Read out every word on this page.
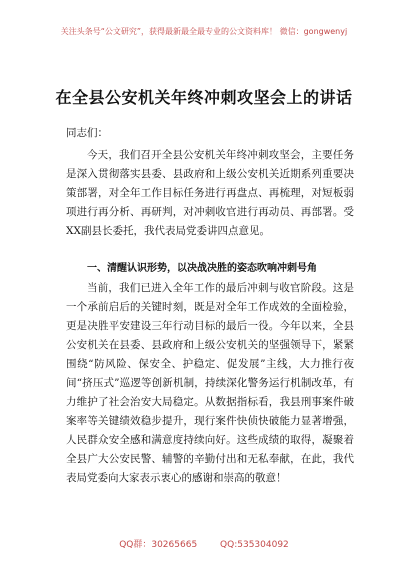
关注头条号“公文研究”，获得最新最全最专业的公文资料库！ 微信：gongwenyj
在全县公安机关年终冲刺攻坚会上的讲话
同志们：
今天，我们召开全县公安机关年终冲刺攻坚会，主要任务是深入贯彻落实县委、县政府和上级公安机关近期系列重要决策部署，对全年工作目标任务进行再盘点、再梳理，对短板弱项进行再分析、再研判，对冲刺收官进行再动员、再部署。受XX副县长委托，我代表局党委讲四点意见。
一、清醒认识形势，以决战决胜的姿态吹响冲刺号角
当前，我们已进入全年工作的最后冲刺与收官阶段。这是一个承前启后的关键时刻，既是对全年工作成效的全面检验，更是决胜平安建设三年行动目标的最后一役。今年以来，全县公安机关在县委、县政府和上级公安机关的坚强领导下，紧紧围绕“防风险、保安全、护稳定、促发展”主线，大力推行夜间“挤压式”巡逻等创新机制，持续深化警务运行机制改革，有力维护了社会治安大局稳定。从数据指标看，我县刑事案件破案率等关键绩效稳步提升，现行案件快侦快破能力显著增强，人民群众安全感和满意度持续向好。这些成绩的取得，凝聚着全县广大公安民警、辅警的辛勤付出和无私奉献，在此，我代表局党委向大家表示衷心的感谢和崇高的敬意！
QQ群：30265665	QQ:535304092
